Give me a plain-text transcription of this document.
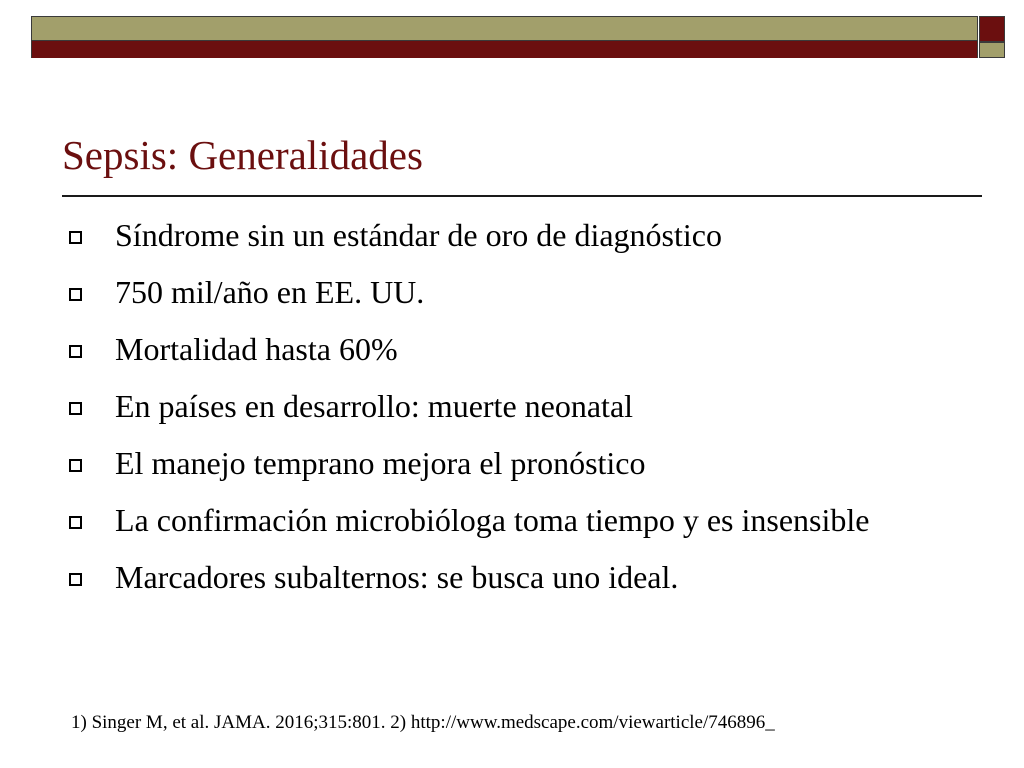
Sepsis: Generalidades
Síndrome sin un estándar de oro de diagnóstico
750 mil/año en EE. UU.
Mortalidad hasta 60%
En países en desarrollo: muerte neonatal
El manejo temprano mejora el pronóstico
La confirmación microbióloga toma tiempo y es insensible
Marcadores subalternos: se busca uno ideal.
1) Singer M, et al. JAMA. 2016;315:801. 2) http://www.medscape.com/viewarticle/746896_
